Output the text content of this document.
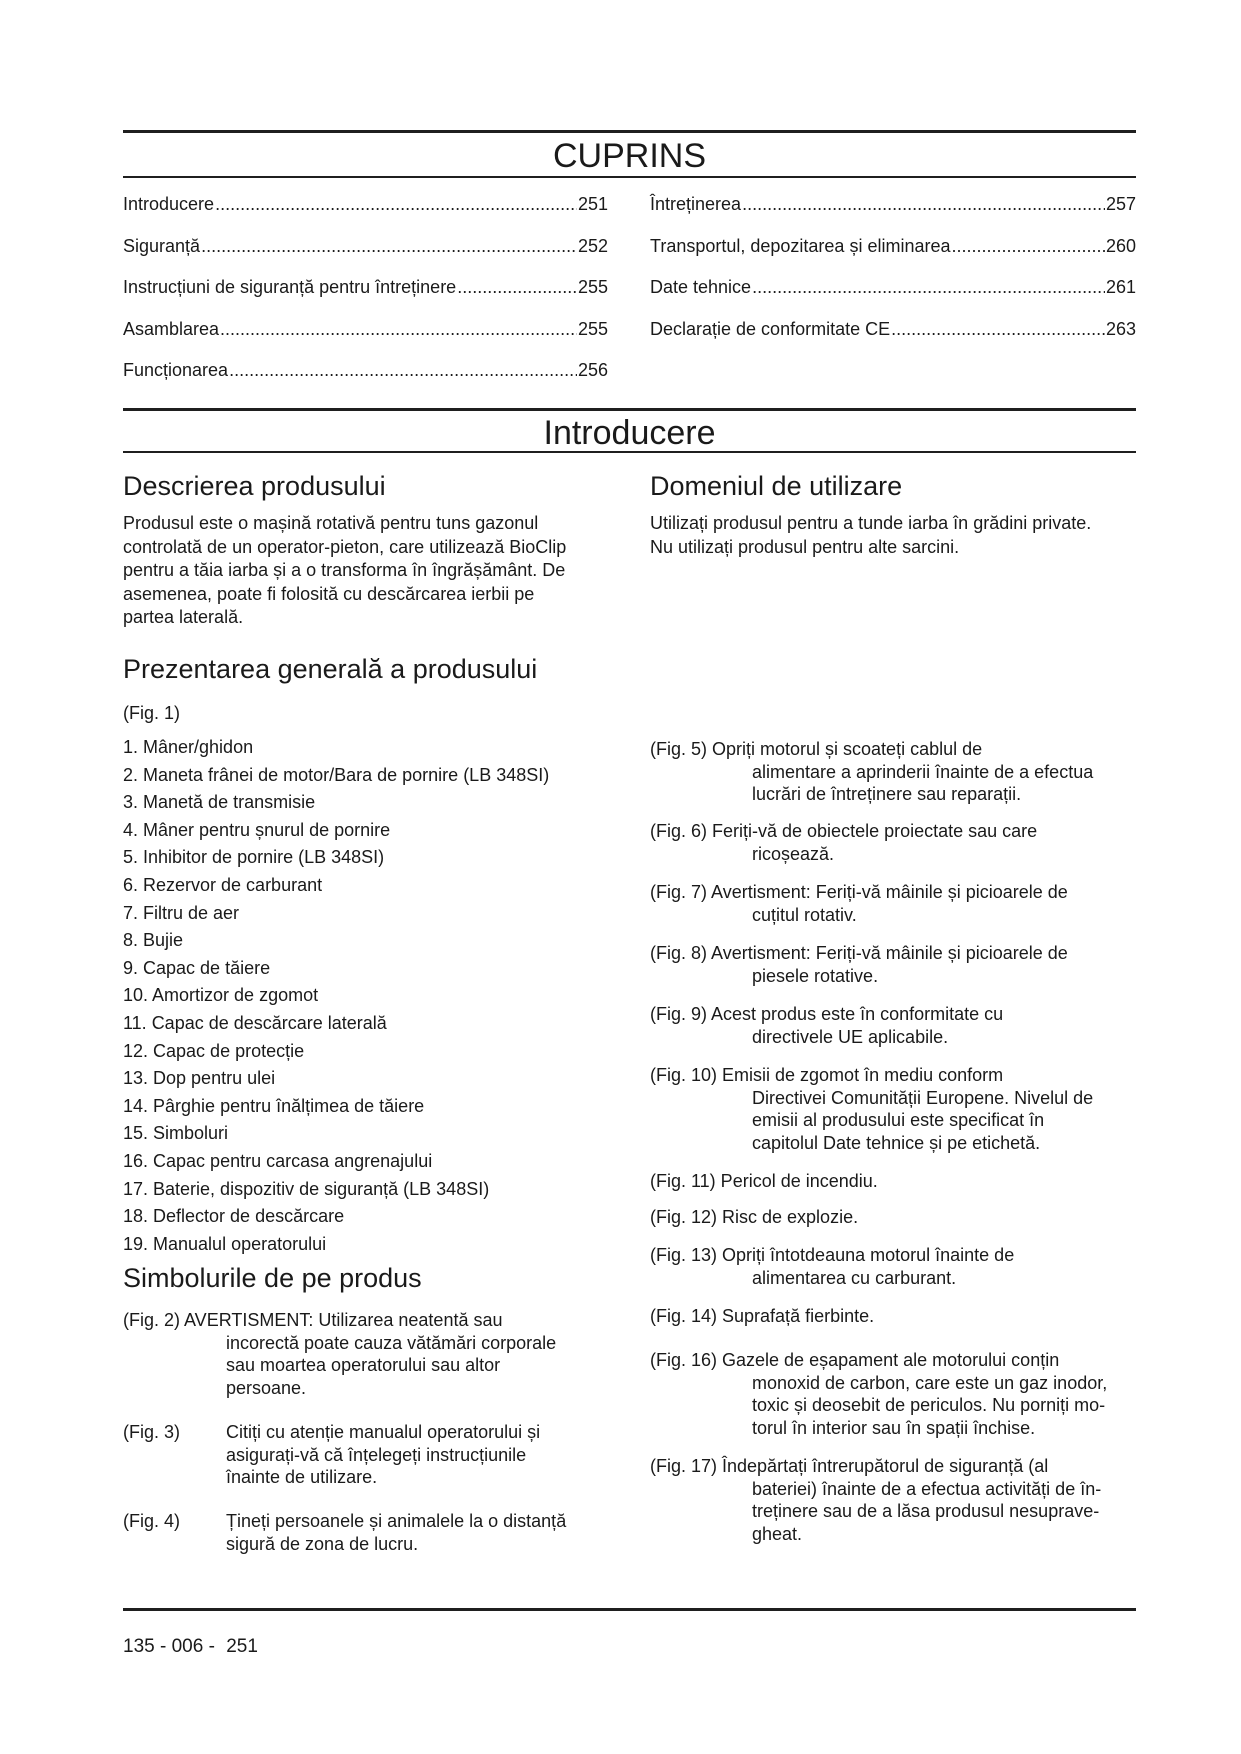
CUPRINS
Introducere .....	251
Siguranță .....	252
Instrucțiuni de siguranță pentru întreținere .....	255
Asamblarea .....	255
Funcționarea .....	256
Întreținerea .....	257
Transportul, depozitarea și eliminarea .....	260
Date tehnice .....	261
Declarație de conformitate CE .....	263
Introducere
Descrierea produsului
Produsul este o mașină rotativă pentru tuns gazonul
controlată de un operator-pieton, care utilizează BioClip
pentru a tăia iarba și a o transforma în îngrășământ. De
asemenea, poate fi folosită cu descărcarea ierbii pe
partea laterală.
Domeniul de utilizare
Utilizați produsul pentru a tunde iarba în grădini private.
Nu utilizați produsul pentru alte sarcini.
Prezentarea generală a produsului
(Fig. 1)
1. Mâner/ghidon
2. Maneta frânei de motor/Bara de pornire (LB 348SI)
3. Manetă de transmisie
4. Mâner pentru șnurul de pornire
5. Inhibitor de pornire (LB 348SI)
6. Rezervor de carburant
7. Filtru de aer
8. Bujie
9. Capac de tăiere
10. Amortizor de zgomot
11. Capac de descărcare laterală
12. Capac de protecție
13. Dop pentru ulei
14. Pârghie pentru înălțimea de tăiere
15. Simboluri
16. Capac pentru carcasa angrenajului
17. Baterie, dispozitiv de siguranță (LB 348SI)
18. Deflector de descărcare
19. Manualul operatorului
Simbolurile de pe produs
(Fig. 2) AVERTISMENT: Utilizarea neatentă sau
incorectă poate cauza vătămări corporale
sau moartea operatorului sau altor
persoane.
(Fig. 3)	Citiți cu atenție manualul operatorului și
asigurați-vă că înțelegeți instrucțiunile
înainte de utilizare.
(Fig. 4)	Țineți persoanele și animalele la o distanță
sigură de zona de lucru.
(Fig. 5) Opriți motorul și scoateți cablul de
alimentare a aprinderii înainte de a efectua
lucrări de întreținere sau reparații.
(Fig. 6) Feriți-vă de obiectele proiectate sau care
ricoșează.
(Fig. 7) Avertisment: Feriți-vă mâinile și picioarele de
cuțitul rotativ.
(Fig. 8) Avertisment: Feriți-vă mâinile și picioarele de
piesele rotative.
(Fig. 9) Acest produs este în conformitate cu
directivele UE aplicabile.
(Fig. 10) Emisii de zgomot în mediu conform
Directivei Comunității Europene. Nivelul de
emisii al produsului este specificat în
capitolul Date tehnice și pe etichetă.
(Fig. 11) Pericol de incendiu.
(Fig. 12) Risc de explozie.
(Fig. 13) Opriți întotdeauna motorul înainte de
alimentarea cu carburant.
(Fig. 14) Suprafață fierbinte.
(Fig. 16) Gazele de eșapament ale motorului conțin
monoxid de carbon, care este un gaz inodor,
toxic și deosebit de periculos. Nu porniți mo-
torul în interior sau în spații închise.
(Fig. 17) Îndepărtați întrerupătorul de siguranță (al
bateriei) înainte de a efectua activități de în-
treținere sau de a lăsa produsul nesuprave-
gheat.
135 - 006 - 251
